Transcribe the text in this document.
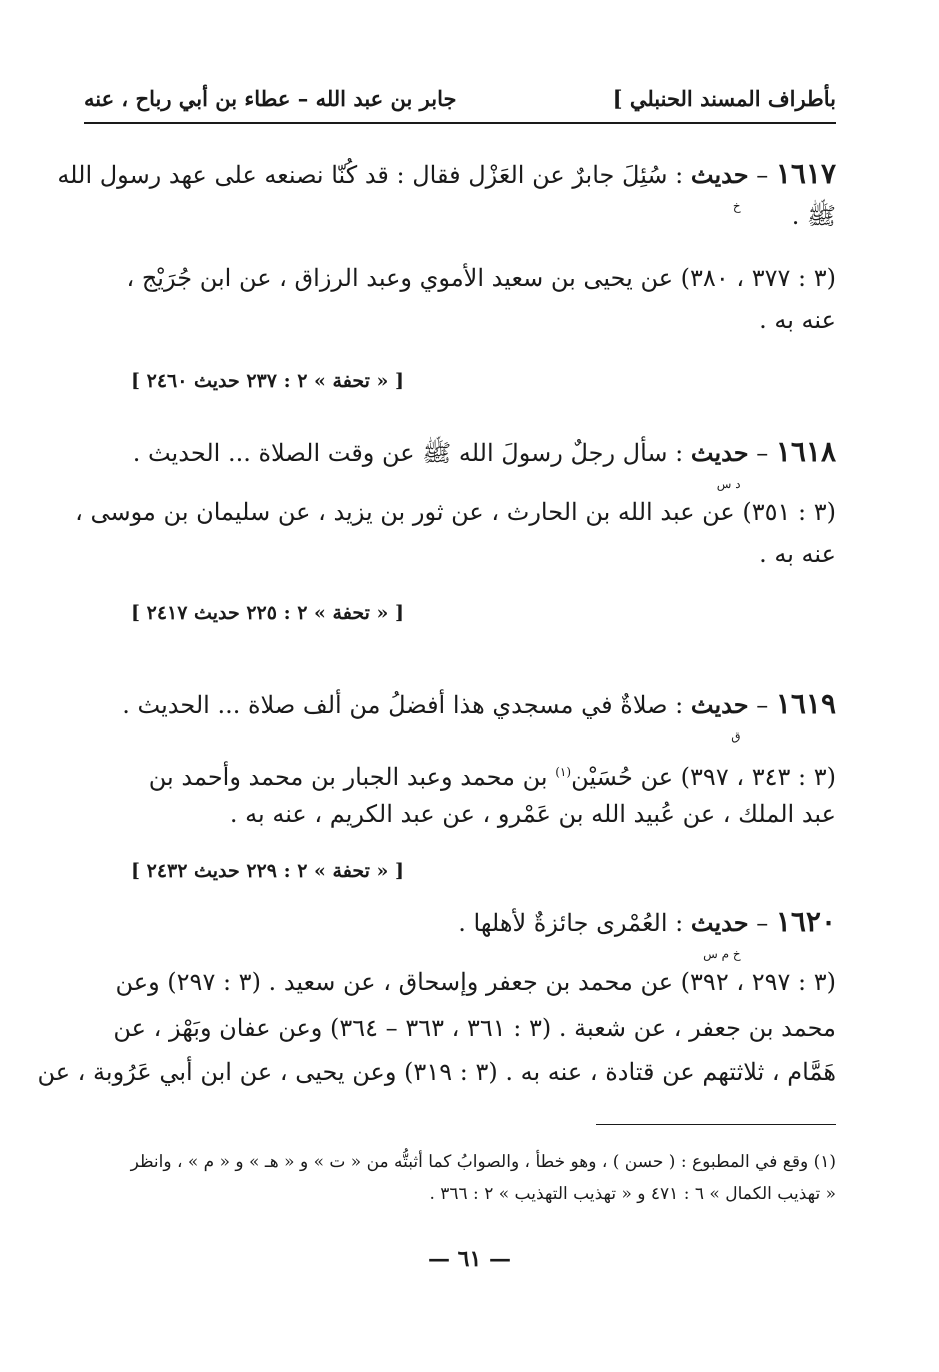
بأطراف المسند الحنبلي ]
جابر بن عبد الله – عطاء بن أبي رباح ، عنه
١٦١٧ – حديث
خ
: سُئِلَ جابرٌ عن العَزْل فقال : قد كُنّا نصنعه على عهد رسول الله
ﷺ .
(٣ : ٣٧٧ ، ٣٨٠) عن يحيى بن سعيد الأموي وعبد الرزاق ، عن ابن جُرَيْج ،
عنه به .
[ « تحفة » ٢ : ٢٣٧ حديث ٢٤٦٠ ]
١٦١٨ – حديث
د س
: سأل رجلٌ رسولَ الله ﷺ عن وقت الصلاة ... الحديث .
(٣ : ٣٥١) عن عبد الله بن الحارث ، عن ثور بن يزيد ، عن سليمان بن موسى ،
عنه به .
[ « تحفة » ٢ : ٢٢٥ حديث ٢٤١٧ ]
١٦١٩ – حديث
ق
: صلاةٌ في مسجدي هذا أفضلُ من ألف صلاة ... الحديث .
(٣ : ٣٤٣ ، ٣٩٧) عن حُسَيْن$^{(١)}$ بن محمد وعبد الجبار بن محمد وأحمد بن
عبد الملك ، عن عُبيد الله بن عَمْرو ، عن عبد الكريم ، عنه به .
[ « تحفة » ٢ : ٢٢٩ حديث ٢٤٣٢ ]
١٦٢٠ – حديث
خ م س
: العُمْرى جائزةٌ لأهلها .
(٣ : ٢٩٧ ، ٣٩٢) عن محمد بن جعفر وإسحاق ، عن سعيد . (٣ : ٢٩٧) وعن
محمد بن جعفر ، عن شعبة . (٣ : ٣٦١ ، ٣٦٣ – ٣٦٤) وعن عفان وبَهْز ، عن
هَمَّام ، ثلاثتهم عن قتادة ، عنه به . (٣ : ٣١٩) وعن يحيى ، عن ابن أبي عَرُوبة ، عن
(١) وقع في المطبوع : ( حسن ) ، وهو خطأ ، والصوابُ كما أثبتُّه من « ت » و « هـ » و « م » ، وانظر
« تهذيب الكمال » ٦ : ٤٧١ و « تهذيب التهذيب » ٢ : ٣٦٦ .
— ٦١ —
